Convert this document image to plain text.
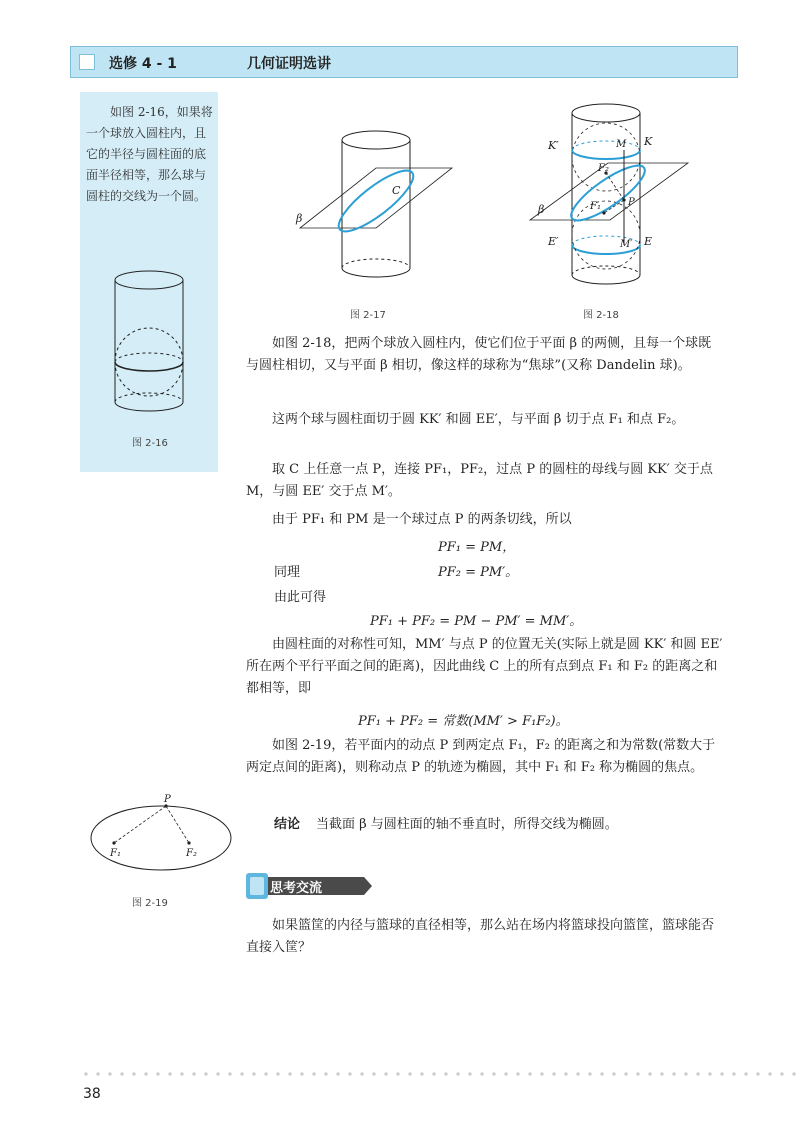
选修 4 - 1	几何证明选讲
如图 2-16，如果将一个球放入圆柱内，且它的半径与圆柱面的底面半径相等，那么球与圆柱的交线为一个圆。
图 2-16
β
C
图 2-17
K′	K
M
P
F₁
F₂
E′	E
M′
β
图 2-18
如图 2-18，把两个球放入圆柱内，使它们位于平面 β 的两侧，且每一个球既与圆柱相切，又与平面 β 相切，像这样的球称为“焦球”(又称 Dandelin 球)。
这两个球与圆柱面切于圆 KK′ 和圆 EE′，与平面 β 切于点 F₁ 和点 F₂。
取 C 上任意一点 P，连接 PF₁，PF₂，过点 P 的圆柱的母线与圆 KK′ 交于点 M，与圆 EE′ 交于点 M′。
由于 PF₁ 和 PM 是一个球过点 P 的两条切线，所以
PF₁ = PM，
同理	PF₂ = PM′。
由此可得
PF₁ + PF₂ = PM − PM′ = MM′。
由圆柱面的对称性可知，MM′ 与点 P 的位置无关(实际上就是圆 KK′ 和圆 EE′ 所在两个平行平面之间的距离)，因此曲线 C 上的所有点到点 F₁ 和 F₂ 的距离之和都相等，即
PF₁ + PF₂ = 常数(MM′ > F₁F₂)。
如图 2-19，若平面内的动点 P 到两定点 F₁，F₂ 的距离之和为常数(常数大于两定点间的距离)，则称动点 P 的轨迹为椭圆，其中 F₁ 和 F₂ 称为椭圆的焦点。
结论 当截面 β 与圆柱面的轴不垂直时，所得交线为椭圆。
P
F₁	F₂
图 2-19
思考交流
如果篮筐的内径与篮球的直径相等，那么站在场内将篮球投向篮筐，篮球能否直接入筐？
38
